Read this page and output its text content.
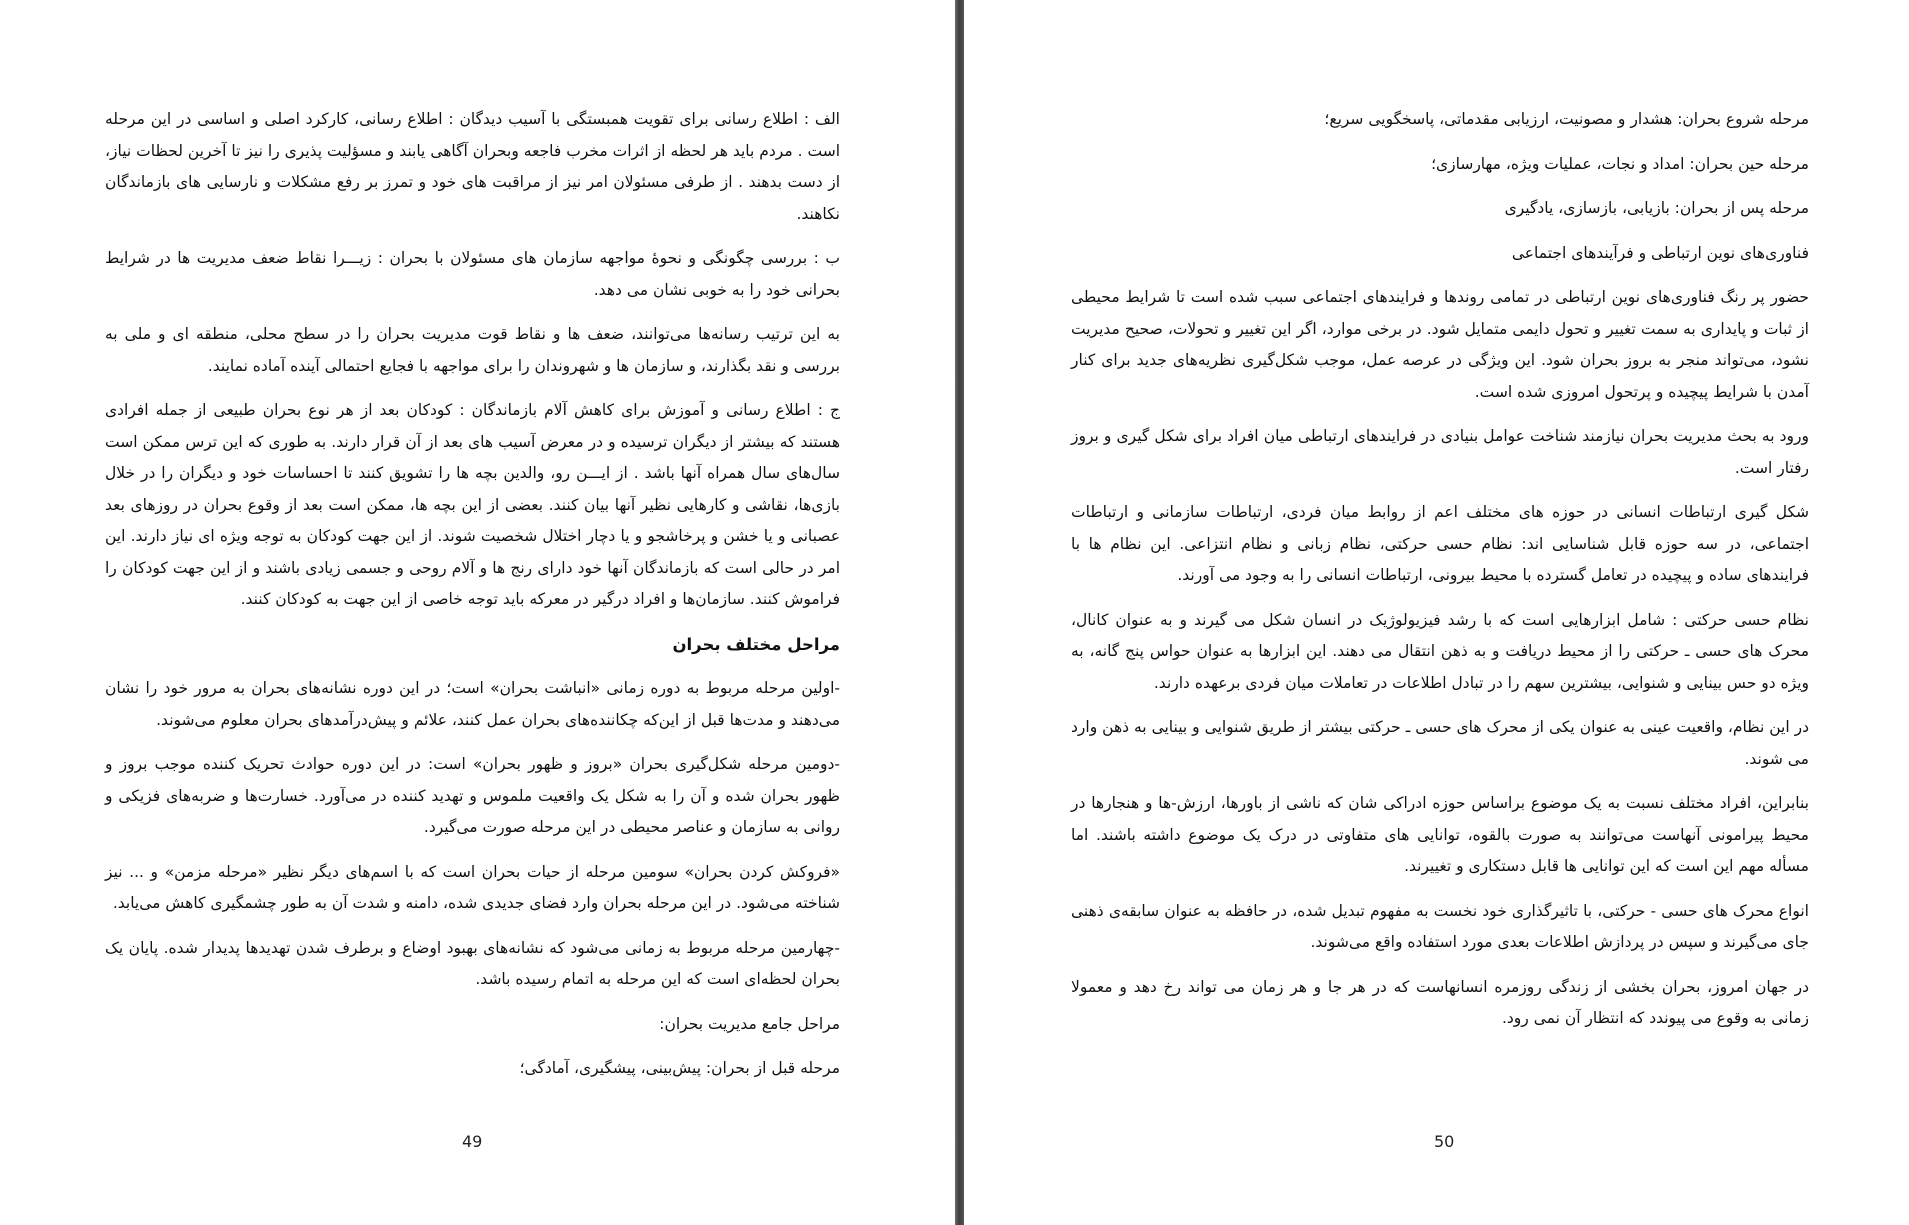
الف : اطلاع رسانی برای تقویت همبستگی با آسیب دیدگان : اطلاع رسانی، کارکرد اصلی و اساسی در این مرحله است . مردم باید هر لحظه از اثرات مخرب فاجعه وبحران آگاهی یابند و مسؤلیت پذیری را نیز تا آخرین لحظات نیاز، از دست بدهند . از طرفی مسئولان امر نیز از مراقبت های خود و تمرز بر رفع مشکلات و نارسایی های بازماندگان نکاهند.

ب : بررسی چگونگی و نحوهٔ مواجهه سازمان های مسئولان با بحران : زیـــرا نقاط ضعف مدیریت ها در شرایط بحرانی خود را به خوبی نشان می دهد.

به این ترتیب رسانه‌ها می‌توانند، ضعف ها و نقاط قوت مدیریت بحران را در سطح محلی، منطقه ای و ملی به بررسی و نقد بگذارند، و سازمان ها و شهروندان را برای مواجهه با فجایع احتمالی آینده آماده نمایند.

ج : اطلاع رسانی و آموزش برای کاهش آلام بازماندگان : کودکان بعد از هر نوع بحران طبیعی از جمله افرادی هستند که بیشتر از دیگران ترسیده و در معرض آسیب های بعد از آن قرار دارند. به طوری که این ترس ممکن است سال‌های سال همراه آنها باشد . از ایـــن رو، والدین بچه ها را تشویق کنند تا احساسات خود و دیگران را در خلال بازی‌ها، نقاشی و کارهایی نظیر آنها بیان کنند. بعضی از این بچه ها، ممکن است بعد از وقوع بحران در روزهای بعد عصبانی و یا خشن و پرخاشجو و یا دچار اختلال شخصیت شوند. از این جهت کودکان به توجه ویژه ای نیاز دارند. این امر در حالی است که بازماندگان آنها خود دارای رنج ها و آلام روحی و جسمی زیادی باشند و از این جهت کودکان را فراموش کنند. سازمان‌ها و افراد درگیر در معرکه باید توجه خاصی از این جهت به کودکان کنند.

مراحل مختلف بحران

-اولین مرحله مربوط به دوره زمانی «انباشت بحران» است؛ در این دوره نشانه‌های بحران به مرور خود را نشان می‌دهند و مدت‌ها قبل از این‌که چکاننده‌های بحران عمل کنند، علائم و پیش‌درآمدهای بحران معلوم می‌شوند.

-دومین مرحله شکل‌گیری بحران «بروز و ظهور بحران» است: در این دوره حوادث تحریک کننده موجب بروز و ظهور بحران شده و آن را به شکل یک واقعیت ملموس و تهدید کننده در می‌آورد. خسارت‌ها و ضربه‌های فزیکی و روانی به سازمان و عناصر محیطی در این مرحله صورت می‌گیرد.

«فروکش کردن بحران» سومین مرحله از حیات بحران است که با اسم‌های دیگر نظیر «مرحله مزمن» و ... نیز شناخته می‌شود. در این مرحله بحران وارد فضای جدیدی شده، دامنه و شدت آن به طور چشمگیری کاهش می‌یابد.

-چهارمین مرحله مربوط به زمانی می‌شود که نشانه‌های بهبود اوضاع و برطرف شدن تهدیدها پدیدار شده. پایان یک بحران لحظه‌ای است که این مرحله به اتمام رسیده باشد.

مراحل جامع مدیریت بحران:

مرحله قبل از بحران: پیش‌بینی، پیشگیری، آمادگی؛

49

مرحله شروع بحران: هشدار و مصونیت، ارزیابی مقدماتی، پاسخگویی سریع؛

مرحله حین بحران: امداد و نجات، عملیات ویژه، مهارسازی؛

مرحله پس از بحران: بازیابی، بازسازی، یادگیری

فناوری‌های نوین ارتباطی و فرآیندهای اجتماعی

حضور پر رنگ فناوری‌های نوین ارتباطی در تمامی روندها و فرایندهای اجتماعی سبب شده است تا شرایط محیطی از ثبات و پایداری به سمت تغییر و تحول دایمی متمایل شود. در برخی موارد، اگر این تغییر و تحولات، صحیح مدیریت نشود، می‌تواند منجر به بروز بحران شود. این ویژگی در عرصه عمل، موجب شکل‌گیری نظریه‌های جدید برای کنار آمدن با شرایط پیچیده و پرتحول امروزی شده است.

ورود به بحث مدیریت بحران نیازمند شناخت عوامل بنیادی در فرایندهای ارتباطی میان افراد برای شکل گیری و بروز رفتار است.

شکل گیری ارتباطات انسانی در حوزه های مختلف اعم از روابط میان فردی، ارتباطات سازمانی و ارتباطات اجتماعی، در سه حوزه قابل شناسایی اند: نظام حسی حرکتی، نظام زبانی و نظام انتزاعی. این نظام ها با فرایندهای ساده و پیچیده در تعامل گسترده با محیط بیرونی، ارتباطات انسانی را به وجود می آورند.

نظام حسی حرکتی : شامل ابزارهایی است که با رشد فیزیولوژیک در انسان شکل می گیرند و به عنوان کانال، محرک های حسی ـ حرکتی را از محیط دریافت و به ذهن انتقال می دهند. این ابزارها به عنوان حواس پنج گانه، به ویژه دو حس بینایی و شنوایی، بیشترین سهم را در تبادل اطلاعات در تعاملات میان فردی برعهده دارند.

در این نظام، واقعیت عینی به عنوان یکی از محرک های حسی ـ حرکتی بیشتر از طریق شنوایی و بینایی به ذهن وارد می شوند.

بنابراین، افراد مختلف نسبت به یک موضوع براساس حوزه ادراکی شان که ناشی از باورها، ارزش-ها و هنجارها در محیط پیرامونی آنهاست می‌توانند به صورت بالقوه، توانایی های متفاوتی در درک یک موضوع داشته باشند. اما مسأله مهم این است که این توانایی ها قابل دستکاری و تغییرند.

انواع محرک های حسی - حرکتی، با تاثیرگذاری خود نخست به مفهوم تبدیل شده، در حافظه به عنوان سابقه‌ی ذهنی جای می‌گیرند و سپس در پردازش اطلاعات بعدی مورد استفاده واقع می‌شوند.

در جهان امروز، بحران بخشی از زندگی روزمره انسانهاست که در هر جا و هر زمان می تواند رخ دهد و معمولا زمانی به وقوع می پیوندد که انتظار آن نمی رود.

50
